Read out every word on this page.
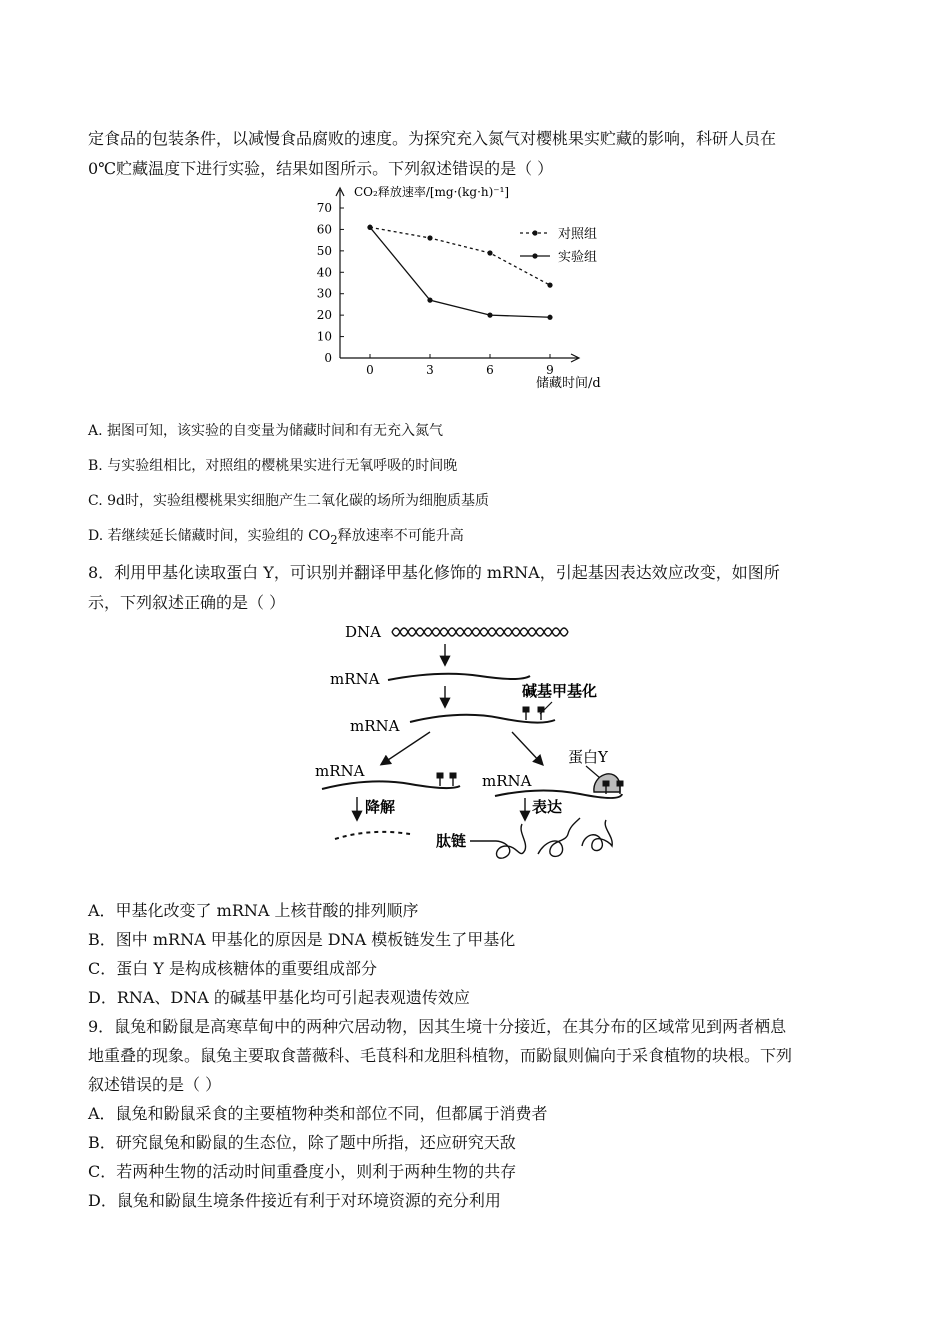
定食品的包装条件，以减慢食品腐败的速度。为探究充入氮气对樱桃果实贮藏的影响，科研人员在
0℃贮藏温度下进行实验，结果如图所示。下列叙述错误的是（ ）
CO₂释放速率/[mg·(kg·h)⁻¹]
0
10
20
30
40
50
60
70
0	3	6	9
对照组
实验组
储藏时间/d
A. 据图可知，该实验的自变量为储藏时间和有无充入氮气
B. 与实验组相比，对照组的樱桃果实进行无氧呼吸的时间晚
C. 9d时，实验组樱桃果实细胞产生二氧化碳的场所为细胞质基质
D. 若继续延长储藏时间，实验组的 $CO_2$释放速率不可能升高
8．利用甲基化读取蛋白 Y，可识别并翻译甲基化修饰的 mRNA，引起基因表达效应改变，如图所
示，下列叙述正确的是（ ）
DNA
mRNA
碱基甲基化
mRNA
mRNA
降解
mRNA
蛋白Y
表达
肽链
A．甲基化改变了 mRNA 上核苷酸的排列顺序
B．图中 mRNA 甲基化的原因是 DNA 模板链发生了甲基化
C．蛋白 Y 是构成核糖体的重要组成部分
D．RNA、DNA 的碱基甲基化均可引起表观遗传效应
9．鼠兔和鼢鼠是高寒草甸中的两种穴居动物，因其生境十分接近，在其分布的区域常见到两者栖息
地重叠的现象。鼠兔主要取食蔷薇科、毛茛科和龙胆科植物，而鼢鼠则偏向于采食植物的块根。下列
叙述错误的是（ ）
A．鼠兔和鼢鼠采食的主要植物种类和部位不同，但都属于消费者
B．研究鼠兔和鼢鼠的生态位，除了题中所指，还应研究天敌
C．若两种生物的活动时间重叠度小，则利于两种生物的共存
D．鼠兔和鼢鼠生境条件接近有利于对环境资源的充分利用
